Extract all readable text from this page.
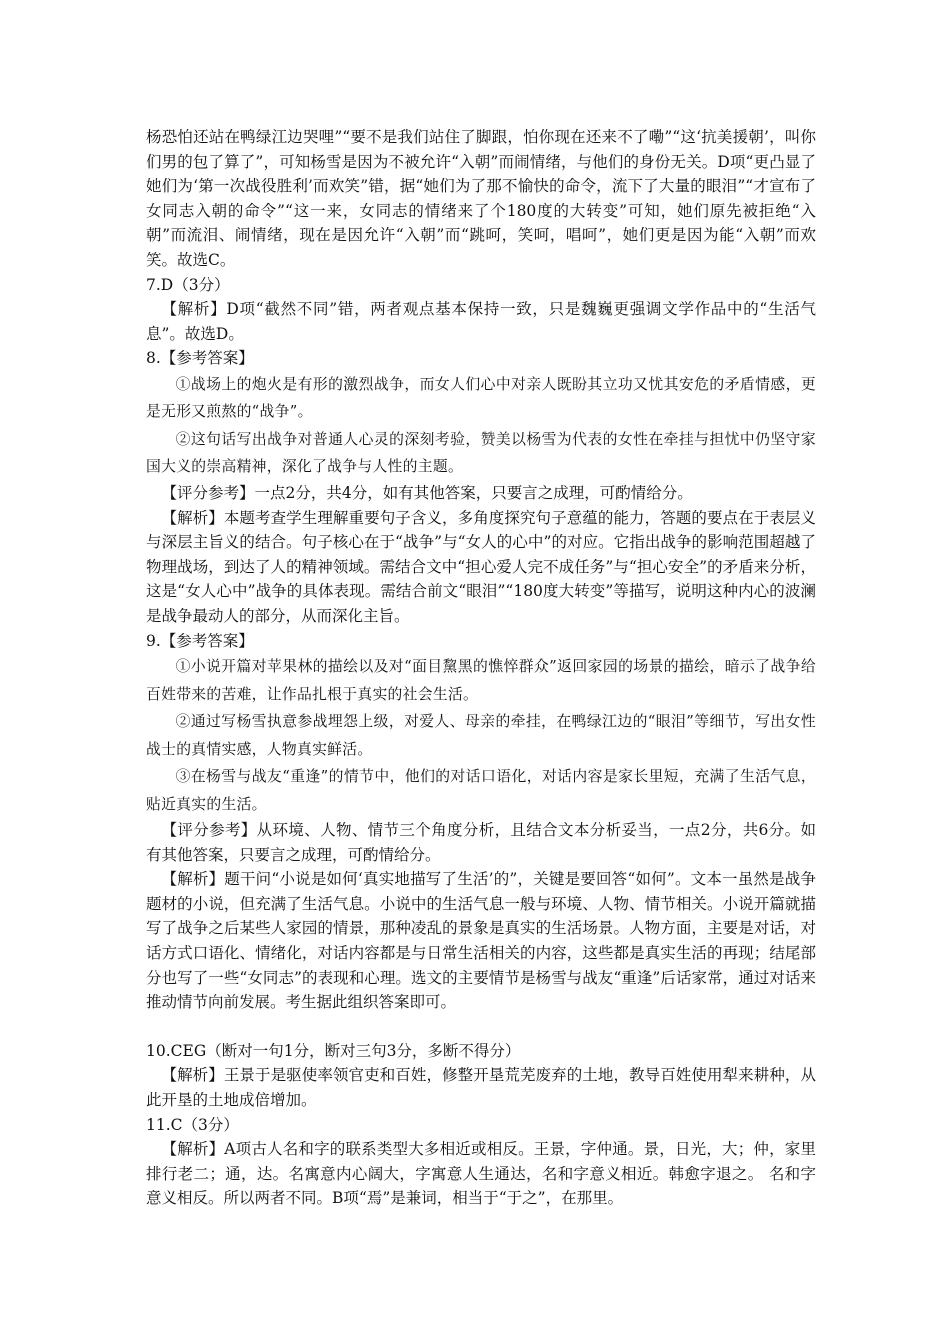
杨恐怕还站在鸭绿江边哭哩”“要不是我们站住了脚跟，怕你现在还来不了嘞”“这‘抗美援朝’，叫你们男的包了算了”，可知杨雪是因为不被允许“入朝”而闹情绪，与他们的身份无关。D项“更凸显了她们为‘第一次战役胜利’而欢笑”错，据“她们为了那不愉快的命令，流下了大量的眼泪”“才宣布了女同志入朝的命令”“这一来，女同志的情绪来了个180度的大转变”可知，她们原先被拒绝“入朝”而流泪、闹情绪，现在是因允许“入朝”而“跳呵，笑呵，唱呵”，她们更是因为能“入朝”而欢笑。故选C。

7.D（3分）

【解析】D项“截然不同”错，两者观点基本保持一致，只是魏巍更强调文学作品中的“生活气息”。故选D。

8.【参考答案】

①战场上的炮火是有形的激烈战争，而女人们心中对亲人既盼其立功又忧其安危的矛盾情感，更是无形又煎熬的“战争”。

②这句话写出战争对普通人心灵的深刻考验，赞美以杨雪为代表的女性在牵挂与担忧中仍坚守家国大义的崇高精神，深化了战争与人性的主题。

【评分参考】一点2分，共4分，如有其他答案，只要言之成理，可酌情给分。

【解析】本题考查学生理解重要句子含义，多角度探究句子意蕴的能力，答题的要点在于表层义与深层主旨义的结合。句子核心在于“战争”与“女人的心中”的对应。它指出战争的影响范围超越了物理战场，到达了人的精神领域。需结合文中“担心爱人完不成任务”与“担心安全”的矛盾来分析，这是“女人心中”战争的具体表现。需结合前文“眼泪”“180度大转变”等描写，说明这种内心的波澜是战争最动人的部分，从而深化主旨。

9.【参考答案】

①小说开篇对苹果林的描绘以及对“面目黧黑的憔悴群众”返回家园的场景的描绘，暗示了战争给百姓带来的苦难，让作品扎根于真实的社会生活。

②通过写杨雪执意参战埋怨上级，对爱人、母亲的牵挂，在鸭绿江边的“眼泪”等细节，写出女性战士的真情实感，人物真实鲜活。

③在杨雪与战友“重逢”的情节中，他们的对话口语化，对话内容是家长里短，充满了生活气息，贴近真实的生活。

【评分参考】从环境、人物、情节三个角度分析，且结合文本分析妥当，一点2分，共6分。如有其他答案，只要言之成理，可酌情给分。

【解析】题干问“小说是如何‘真实地描写了生活’的”，关键是要回答“如何”。文本一虽然是战争题材的小说，但充满了生活气息。小说中的生活气息一般与环境、人物、情节相关。小说开篇就描写了战争之后某些人家园的情景，那种凌乱的景象是真实的生活场景。人物方面，主要是对话，对话方式口语化、情绪化，对话内容都是与日常生活相关的内容，这些都是真实生活的再现；结尾部分也写了一些“女同志”的表现和心理。选文的主要情节是杨雪与战友“重逢”后话家常，通过对话来推动情节向前发展。考生据此组织答案即可。

10.CEG（断对一句1分，断对三句3分，多断不得分）

【解析】王景于是驱使率领官吏和百姓，修整开垦荒芜废弃的土地，教导百姓使用犁来耕种，从此开垦的土地成倍增加。

11.C（3分）

【解析】A项古人名和字的联系类型大多相近或相反。王景，字仲通。景，日光，大；仲，家里排行老二；通，达。名寓意内心阔大，字寓意人生通达，名和字意义相近。韩愈字退之。 名和字意义相反。所以两者不同。B项“焉”是兼词，相当于“于之”，在那里。
